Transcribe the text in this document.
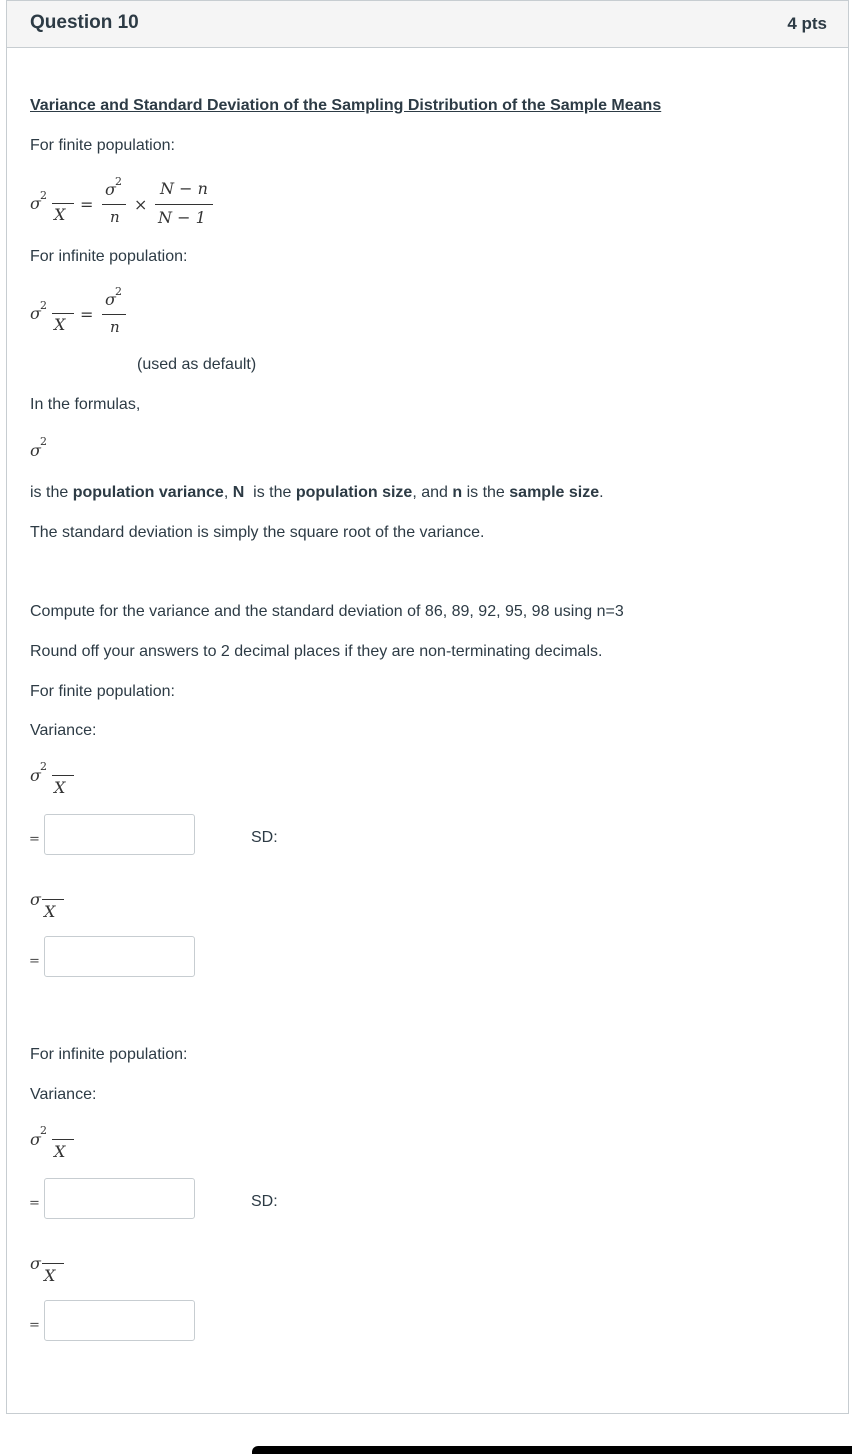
Question 10	4 pts
Variance and Standard Deviation of the Sampling Distribution of the Sample Means
For finite population:
σ 2
X
=
σ 2
n
×
N − n
N − 1
For infinite population:
σ 2
X
=
σ 2
n
(used as default)
In the formulas,
σ 2
is the population variance, N  is the population size, and n is the sample size.
The standard deviation is simply the square root of the variance.
Compute for the variance and the standard deviation of 86, 89, 92, 95, 98 using n=3
Round off your answers to 2 decimal places if they are non-terminating decimals.
For finite population:
Variance:
σ 2
X
=	SD:
σ
X
=
For infinite population:
Variance:
σ 2
X
=	SD:
σ
X
=
